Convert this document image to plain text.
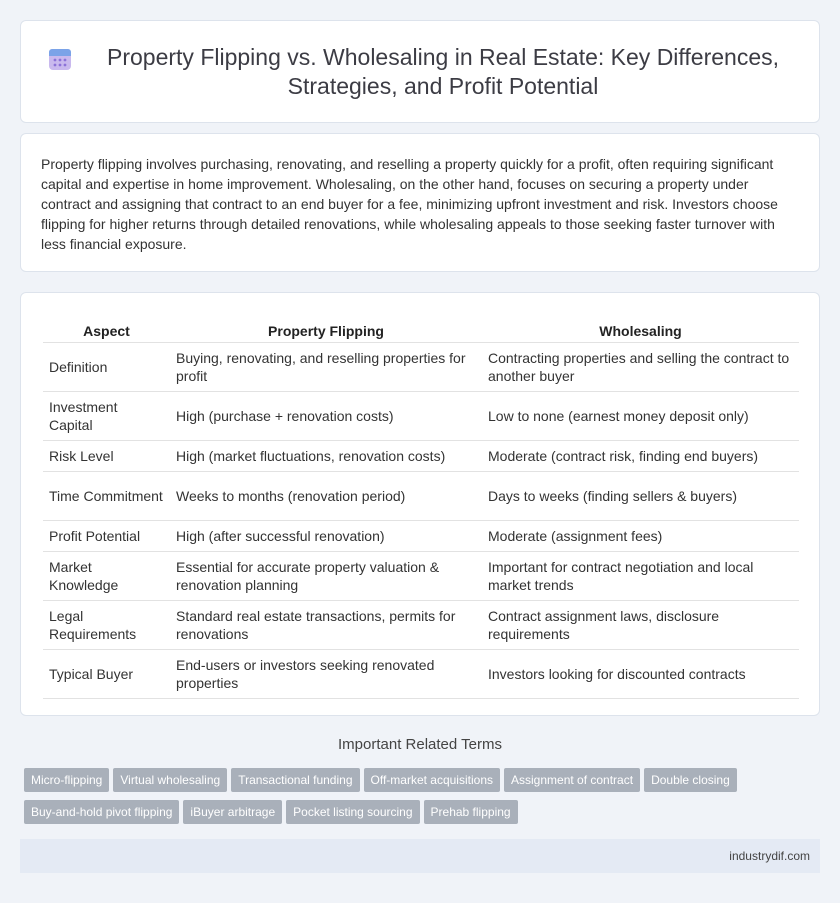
Property Flipping vs. Wholesaling in Real Estate: Key Differences, Strategies, and Profit Potential

Property flipping involves purchasing, renovating, and reselling a property quickly for a profit, often requiring significant capital and expertise in home improvement. Wholesaling, on the other hand, focuses on securing a property under contract and assigning that contract to an end buyer for a fee, minimizing upfront investment and risk. Investors choose flipping for higher returns through detailed renovations, while wholesaling appeals to those seeking faster turnover with less financial exposure.

Aspect	Property Flipping	Wholesaling
Definition	Buying, renovating, and reselling properties for profit	Contracting properties and selling the contract to another buyer
Investment Capital	High (purchase + renovation costs)	Low to none (earnest money deposit only)
Risk Level	High (market fluctuations, renovation costs)	Moderate (contract risk, finding end buyers)
Time Commitment	Weeks to months (renovation period)	Days to weeks (finding sellers & buyers)
Profit Potential	High (after successful renovation)	Moderate (assignment fees)
Market Knowledge	Essential for accurate property valuation & renovation planning	Important for contract negotiation and local market trends
Legal Requirements	Standard real estate transactions, permits for renovations	Contract assignment laws, disclosure requirements
Typical Buyer	End-users or investors seeking renovated properties	Investors looking for discounted contracts
Important Related Terms
Micro-flipping Virtual wholesaling Transactional funding Off-market acquisitions Assignment of contract Double closing
Buy-and-hold pivot flipping iBuyer arbitrage Pocket listing sourcing Prehab flipping
industrydif.com
